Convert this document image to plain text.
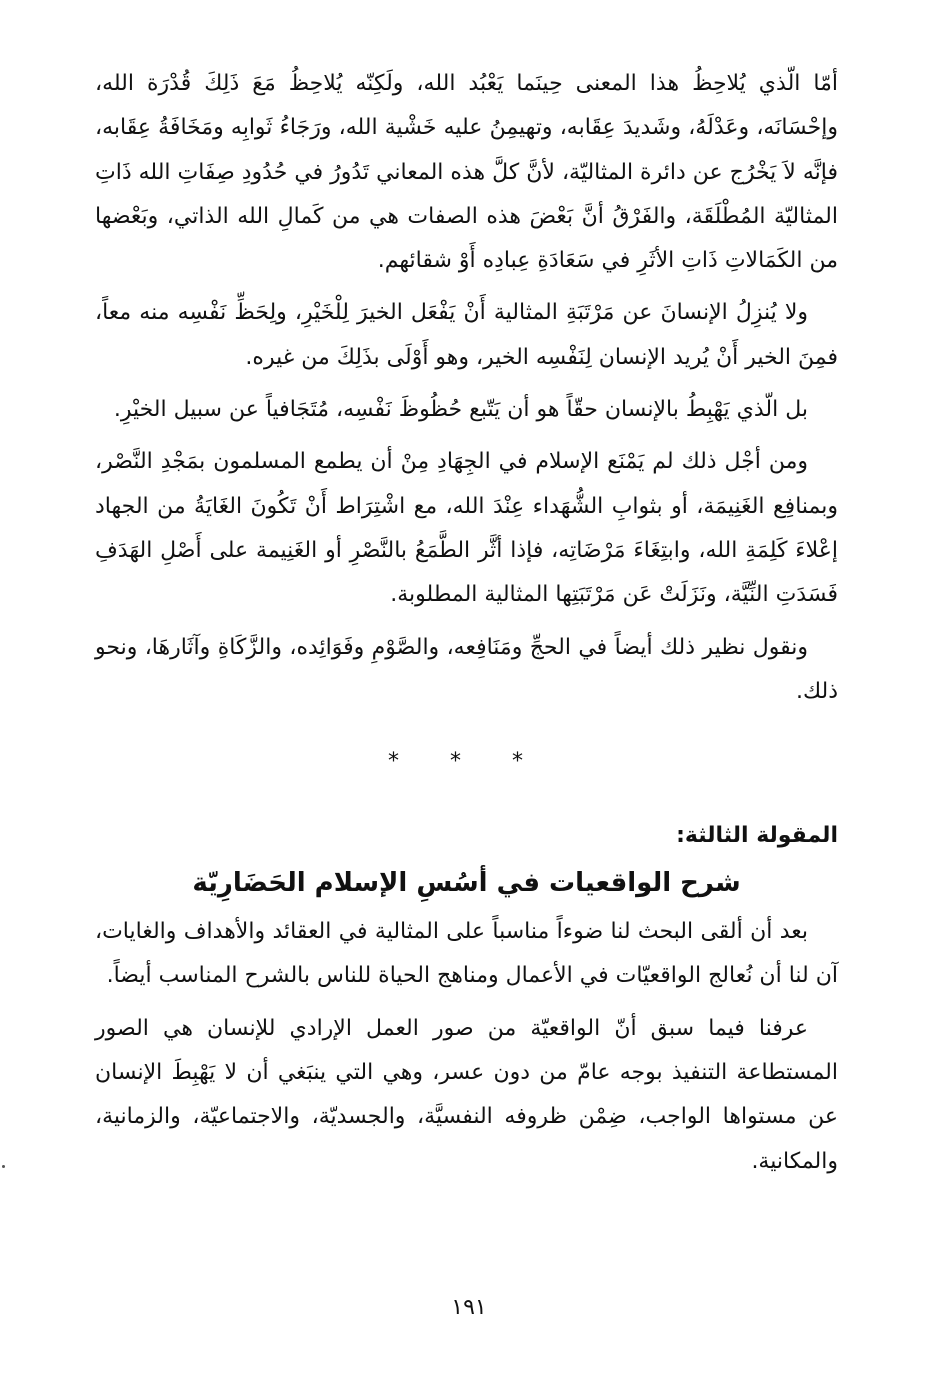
أمّا الّذي يُلاحِظُ هذا المعنى حِينَما يَعْبُد الله، ولَكِنّه يُلاحِظُ مَعَ ذَلِكَ قُدْرَة الله، وإحْسَانَه، وعَدْلَهُ، وشَديدَ عِقَابه، وتهيمِنُ عليه خَشْية الله، ورَجَاءُ ثَوابِه ومَخَافَةُ عِقَابه، فإنَّه لاَ يَخْرُج عن دائرة المثاليّة، لأنَّ كلَّ هذه المعاني تَدُورُ في حُدُودِ صِفَاتِ الله ذَاتِ المثاليّة المُطْلَقَة، والفَرْقُ أنَّ بَعْضَ هذه الصفات هي من كَمالِ الله الذاتي، وبَعْضها من الكَمَالاتِ ذَاتِ الأثَرِ في سَعَادَةِ عِبادِه أَوْ شقائهم.

ولا يُنزِلُ الإنسانَ عن مَرْتَبَةِ المثالية أَنْ يَفْعَل الخيرَ لِلْخَيْرِ، ولِحَظِّ نَفْسِه منه معاً، فمِنَ الخير أَنْ يُريد الإنسان لِنَفْسِه الخير، وهو أَوْلَى بذَلِكَ من غيره.

بل الّذي يَهْبِطُ بالإنسان حقّاً هو أن يَتّبع حُظُوظَ نَفْسِه، مُتَجَافياً عن سبيل الخيْرِ.

ومن أجْل ذلك لم يَمْنَع الإسلام في الجِهَادِ مِنْ أن يطمع المسلمون بمَجْدِ النَّصْر، وبمنافِع الغَنِيمَة، أو بثوابِ الشُّهَداء عِنْدَ الله، مع اشْتِرَاط أَنْ تَكُونَ الغَايَةُ من الجهاد إعْلاءَ كَلِمَةِ الله، وابتِغَاءَ مَرْضَاتِه، فإذا أثَّر الطَّمَعُ بالنَّصْرِ أو الغَنِيمة على أَصْلِ الهَدَفِ فَسَدَتِ النِّيَّة، ونَزَلَتْ عَن مَرْتَبَتِها المثالية المطلوبة.

ونقول نظير ذلك أيضاً في الحجِّ ومَنَافِعه، والصَّوْمِ وفَوَائِده، والزَّكَاةِ وآثَارهَا، ونحو ذلك.

* * *

المقولة الثالثة:

شرح الواقعيات في أسُسِ الإسلام الحَضَارِيّة

بعد أن ألقى البحث لنا ضوءاً مناسباً على المثالية في العقائد والأهداف والغايات، آن لنا أن نُعالج الواقعيّات في الأعمال ومناهج الحياة للناس بالشرح المناسب أيضاً.

عرفنا فيما سبق أنّ الواقعيّة من صور العمل الإرادي للإنسان هي الصور المستطاعة التنفيذ بوجه عامّ من دون عسر، وهي التي ينبَغي أن لا يَهْبِطَ الإنسان عن مستواها الواجب، ضِمْن ظروفه النفسيَّة، والجسديّة، والاجتماعيّة، والزمانية، والمكانية.

١٩١
